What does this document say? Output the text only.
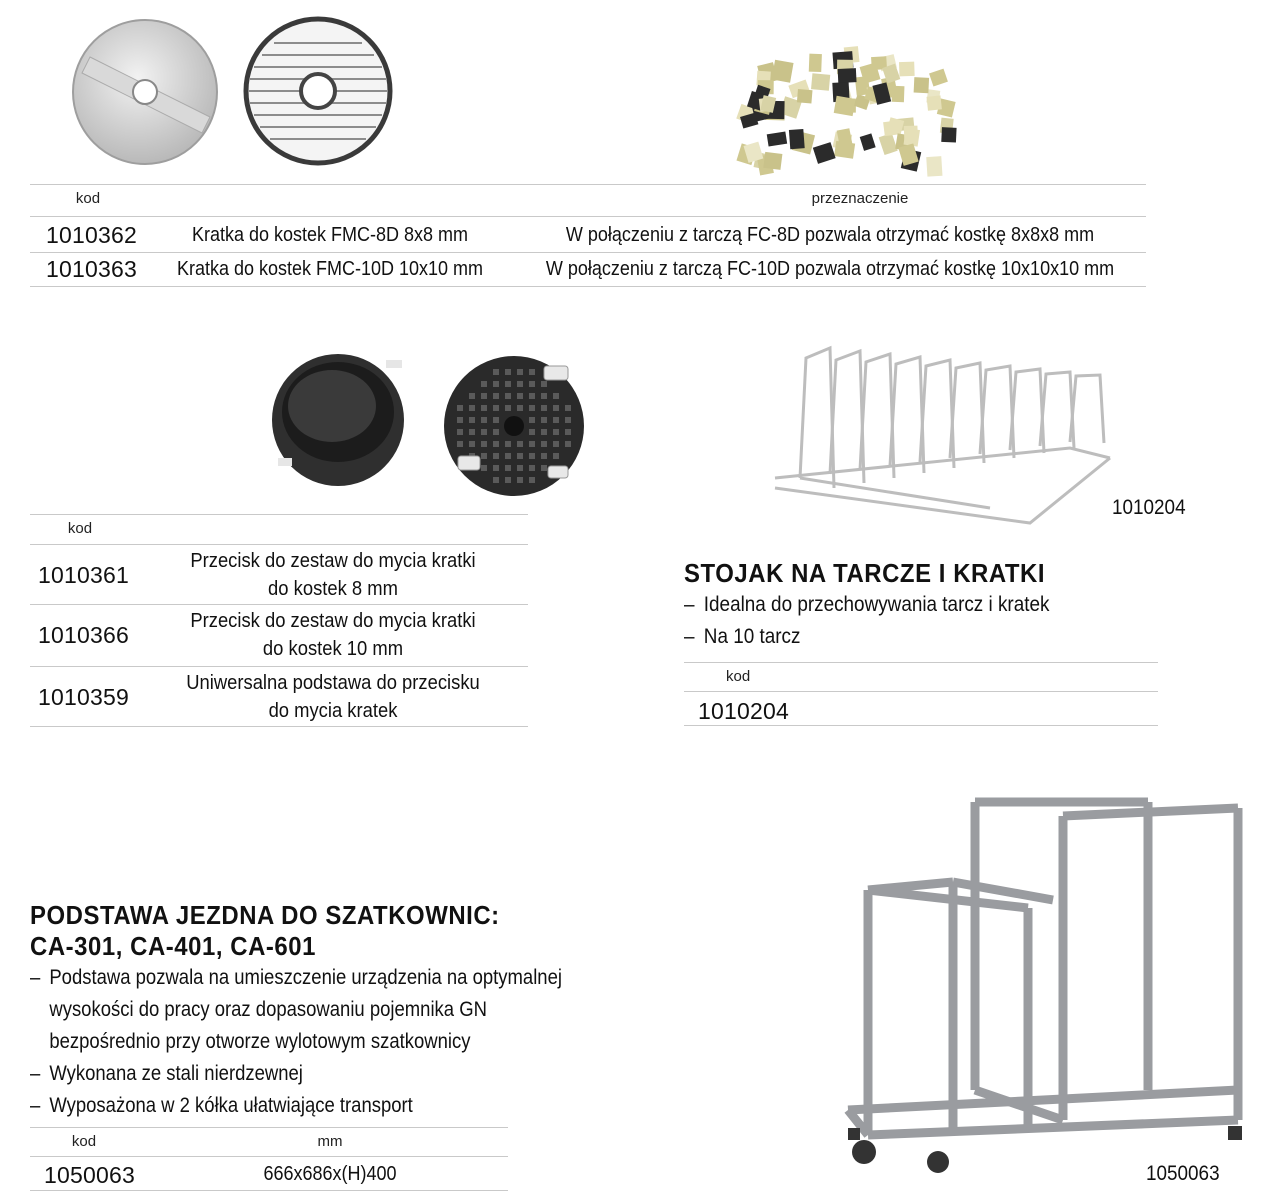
kod	przeznaczenie
1010362	Kratka do kostek FMC-8D 8x8 mm	W połączeniu z tarczą FC-8D pozwala otrzymać kostkę 8x8x8 mm
1010363	Kratka do kostek FMC-10D 10x10 mm	W połączeniu z tarczą FC-10D pozwala otrzymać kostkę 10x10x10 mm
kod
1010361
Przecisk do zestaw do mycia kratki
do kostek 8 mm
1010366
Przecisk do zestaw do mycia kratki
do kostek 10 mm
1010359
Uniwersalna podstawa do przecisku
do mycia kratek
1010204
STOJAK NA TARCZE I KRATKI
– Idealna do przechowywania tarcz i kratek
– Na 10 tarcz
kod
1010204
PODSTAWA JEZDNA DO SZATKOWNIC:
CA-301, CA-401, CA-601
– Podstawa pozwala na umieszczenie urządzenia na optymalnej
wysokości do pracy oraz dopasowaniu pojemnika GN
bezpośrednio przy otworze wylotowym szatkownicy
– Wykonana ze stali nierdzewnej
– Wyposażona w 2 kółka ułatwiające transport
kod	mm
1050063	666x686x(H)400	1050063
